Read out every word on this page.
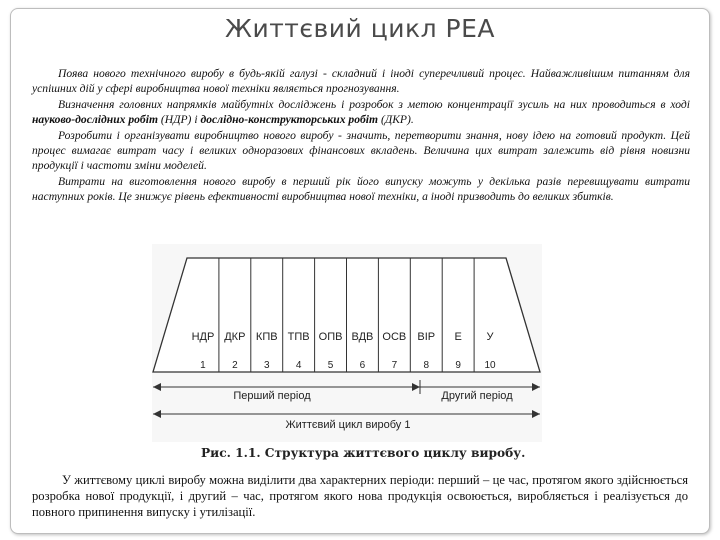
Життєвий цикл РЕА

Поява нового технічного виробу в будь-якій галузі - складний і іноді суперечливий процес. Найважливішим питанням для успішних дій у сфері виробництва нової техніки являється прогнозування.

Визначення головних напрямків майбутніх досліджень і розробок з метою концентрації зусиль на них проводиться в ході науково-дослідних робіт (НДР) і дослідно-конструкторських робіт (ДКР).

Розробити і організувати виробництво нового виробу - значить, перетворити знання, нову ідею на готовий продукт. Цей процес вимагає витрат часу і великих одноразових фінансових вкладень. Величина цих витрат залежить від рівня новизни продукції і частоти зміни моделей.

Витрати на виготовлення нового виробу в перший рік його випуску можуть у декілька разів перевищувати витрати наступних років. Це знижує рівень ефективності виробництва нової техніки, а іноді призводить до великих збитків.

НДР
1
ДКР
2
КПВ
3
ТПВ
4
ОПВ
5
ВДВ
6
ОСВ
7
ВІР
8
Е
9
У
10
Перший період	Другий період
Життєвий цикл виробу 1
Рис. 1.1. Структура життєвого циклу виробу.

У життєвому циклі виробу можна виділити два характерних періоди: перший – це час, протягом якого здійснюється розробка нової продукції, і другий – час, протягом якого нова продукція освоюється, виробляється і реалізується до повного припинення випуску і утилізації.
